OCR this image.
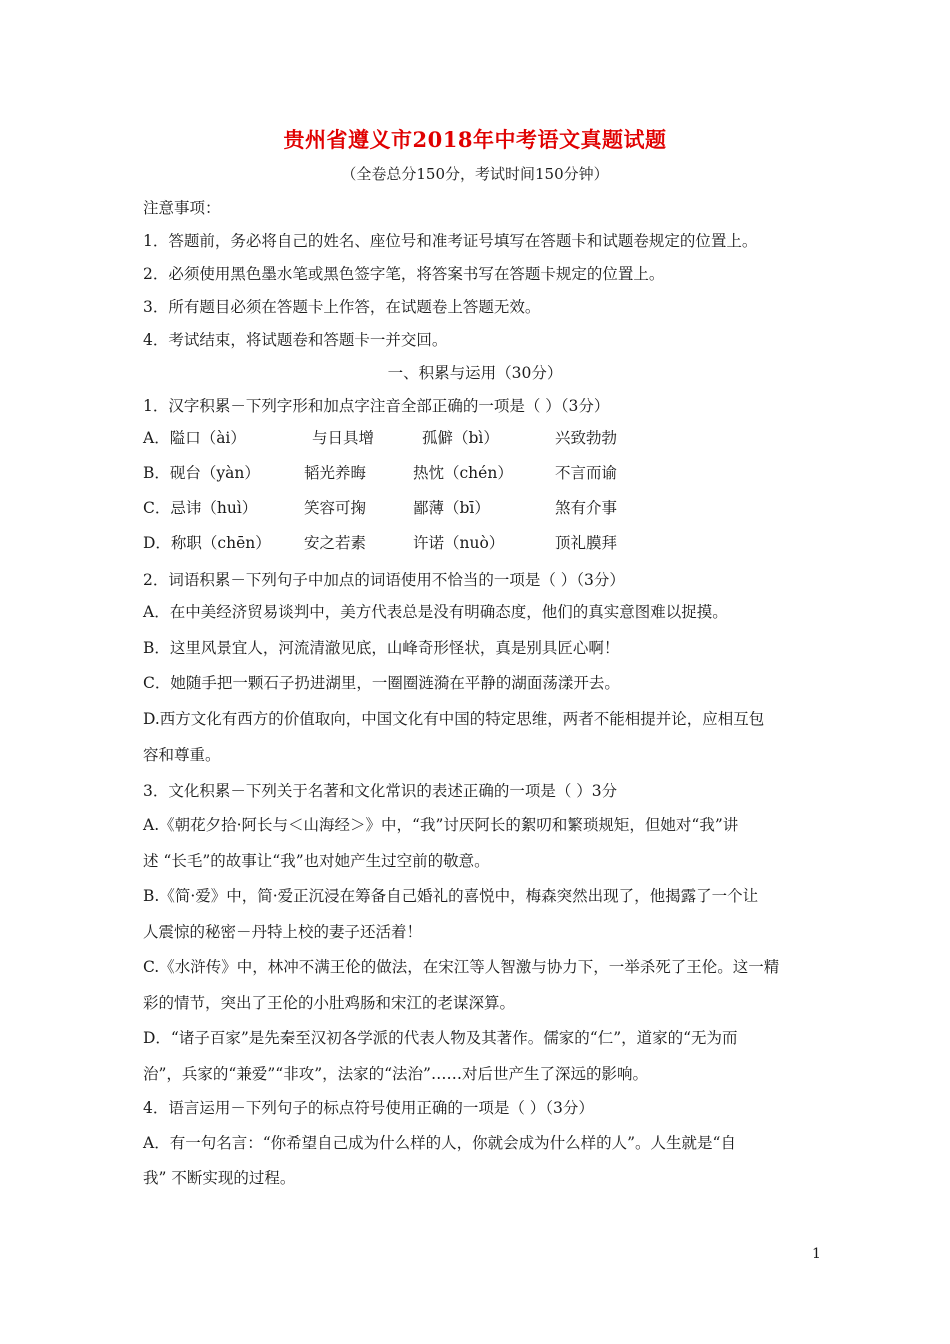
贵州省遵义市2018年中考语文真题试题
（全卷总分150分，考试时间150分钟）
注意事项：
1．答题前，务必将自己的姓名、座位号和准考证号填写在答题卡和试题卷规定的位置上。
2．必须使用黑色墨水笔或黑色签字笔，将答案书写在答题卡规定的位置上。
3．所有题目必须在答题卡上作答，在试题卷上答题无效。
4．考试结束，将试题卷和答题卡一并交回。
一、积累与运用（30分）
1．汉字积累－下列字形和加点字注音全部正确的一项是（ ）（3分）
A．隘口（ài）	与日具增	孤僻（bì）	兴致勃勃
B．砚台（yàn）	韬光养晦	热忱（chén）	不言而谕
C．忌讳（huì）	笑容可掬	鄙薄（bī）	煞有介事
D．称职（chēn） 安之若素	许诺（nuò）	顶礼膜拜
2．词语积累－下列句子中加点的词语使用不恰当的一项是（ ）（3分）
A．在中美经济贸易谈判中，美方代表总是没有明确态度，他们的真实意图难以捉摸。
B．这里风景宜人，河流清澈见底，山峰奇形怪状，真是别具匠心啊！
C．她随手把一颗石子扔进湖里，一圈圈涟漪在平静的湖面荡漾开去。
D.西方文化有西方的价值取向，中国文化有中国的特定思维，两者不能相提并论，应相互包
容和尊重。
3．文化积累－下列关于名著和文化常识的表述正确的一项是（ ）3分
A.《朝花夕拾·阿长与＜山海经＞》中，“我”讨厌阿长的絮叨和繁琐规矩，但她对“我”讲
述 “长毛”的故事让“我”也对她产生过空前的敬意。
B.《简·爱》中，简·爱正沉浸在筹备自己婚礼的喜悦中，梅森突然出现了，他揭露了一个让
人震惊的秘密－丹特上校的妻子还活着！
C.《水浒传》中，林冲不满王伦的做法，在宋江等人智激与协力下，一举杀死了王伦。这一精
彩的情节，突出了王伦的小肚鸡肠和宋江的老谋深算。
D．“诸子百家”是先秦至汉初各学派的代表人物及其著作。儒家的“仁”，道家的“无为而
治”，兵家的“兼爱”“非攻”，法家的“法治”……对后世产生了深远的影响。
4．语言运用－下列句子的标点符号使用正确的一项是（ ）（3分）
A．有一句名言：“你希望自己成为什么样的人，你就会成为什么样的人”。人生就是“自
我” 不断实现的过程。
1
